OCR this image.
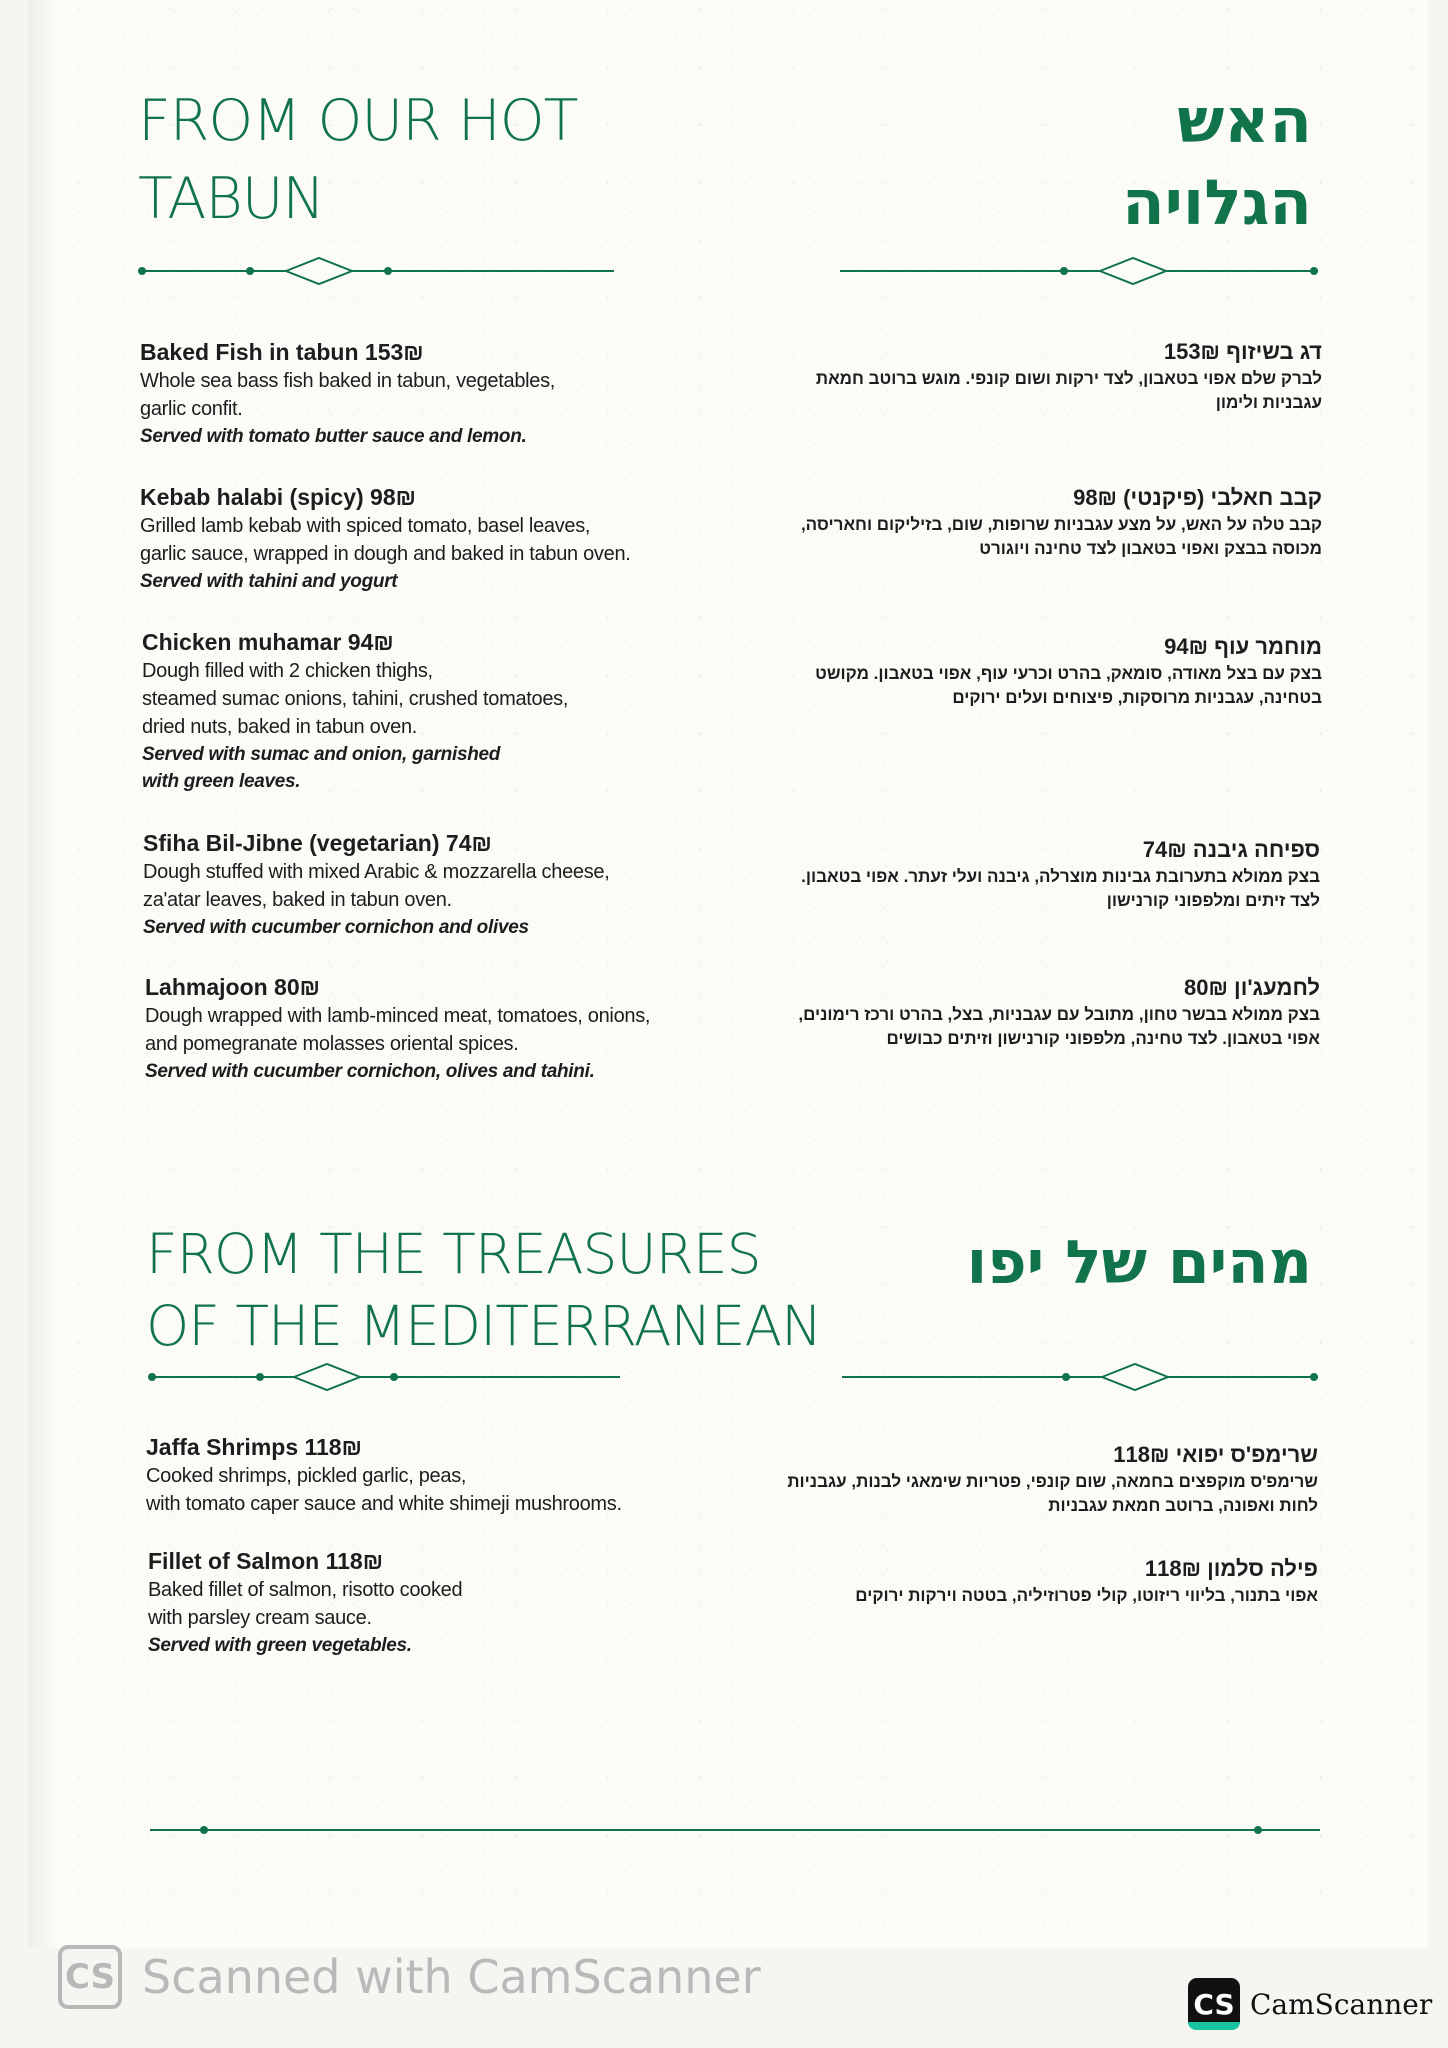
FROM OUR HOT
TABUN
האש
הגלויה
Baked Fish in tabun 153₪
Whole sea bass fish baked in tabun, vegetables,
garlic confit.
Served with tomato butter sauce and lemon.
Kebab halabi (spicy) 98₪
Grilled lamb kebab with spiced tomato, basel leaves,
garlic sauce, wrapped in dough and baked in tabun oven.
Served with tahini and yogurt
Chicken muhamar 94₪
Dough filled with 2 chicken thighs,
steamed sumac onions, tahini, crushed tomatoes,
dried nuts, baked in tabun oven.
Served with sumac and onion, garnished
with green leaves.
Sfiha Bil-Jibne (vegetarian) 74₪
Dough stuffed with mixed Arabic & mozzarella cheese,
za'atar leaves, baked in tabun oven.
Served with cucumber cornichon and olives
Lahmajoon 80₪
Dough wrapped with lamb-minced meat, tomatoes, onions,
and pomegranate molasses oriental spices.
Served with cucumber cornichon, olives and tahini.
דג בשיזוף 153₪
לברק שלם אפוי בטאבון, לצד ירקות ושום קונפי. מוגש ברוטב חמאת
עגבניות ולימון
קבב חאלבי (פיקנטי) 98₪
קבב טלה על האש, על מצע עגבניות שרופות, שום, בזיליקום וחאריסה,
מכוסה בבצק ואפוי בטאבון לצד טחינה ויוגורט
מוחמר עוף 94₪
בצק עם בצל מאודה, סומאק, בהרט וכרעי עוף, אפוי בטאבון. מקושט
בטחינה, עגבניות מרוסקות, פיצוחים ועלים ירוקים
ספיחה גיבנה 74₪
בצק ממולא בתערובת גבינות מוצרלה, גיבנה ועלי זעתר. אפוי בטאבון.
לצד זיתים ומלפפוני קורנישון
לחמעג'ון 80₪
בצק ממולא בבשר טחון, מתובל עם עגבניות, בצל, בהרט ורכז רימונים,
אפוי בטאבון. לצד טחינה, מלפפוני קורנישון וזיתים כבושים
FROM THE TREASURES
OF THE MEDITERRANEAN
מהים של יפו
Jaffa Shrimps 118₪
Cooked shrimps, pickled garlic, peas,
with tomato caper sauce and white shimeji mushrooms.
Fillet of Salmon 118₪
Baked fillet of salmon, risotto cooked
with parsley cream sauce.
Served with green vegetables.
שרימפ'ס יפואי 118₪
שרימפ'ס מוקפצים בחמאה, שום קונפי, פטריות שימאגי לבנות, עגבניות
לחות ואפונה, ברוטב חמאת עגבניות
פילה סלמון 118₪
אפוי בתנור, בליווי ריזוטו, קולי פטרוזיליה, בטטה וירקות ירוקים
CS Scanned with CamScanner	CS CamScanner
